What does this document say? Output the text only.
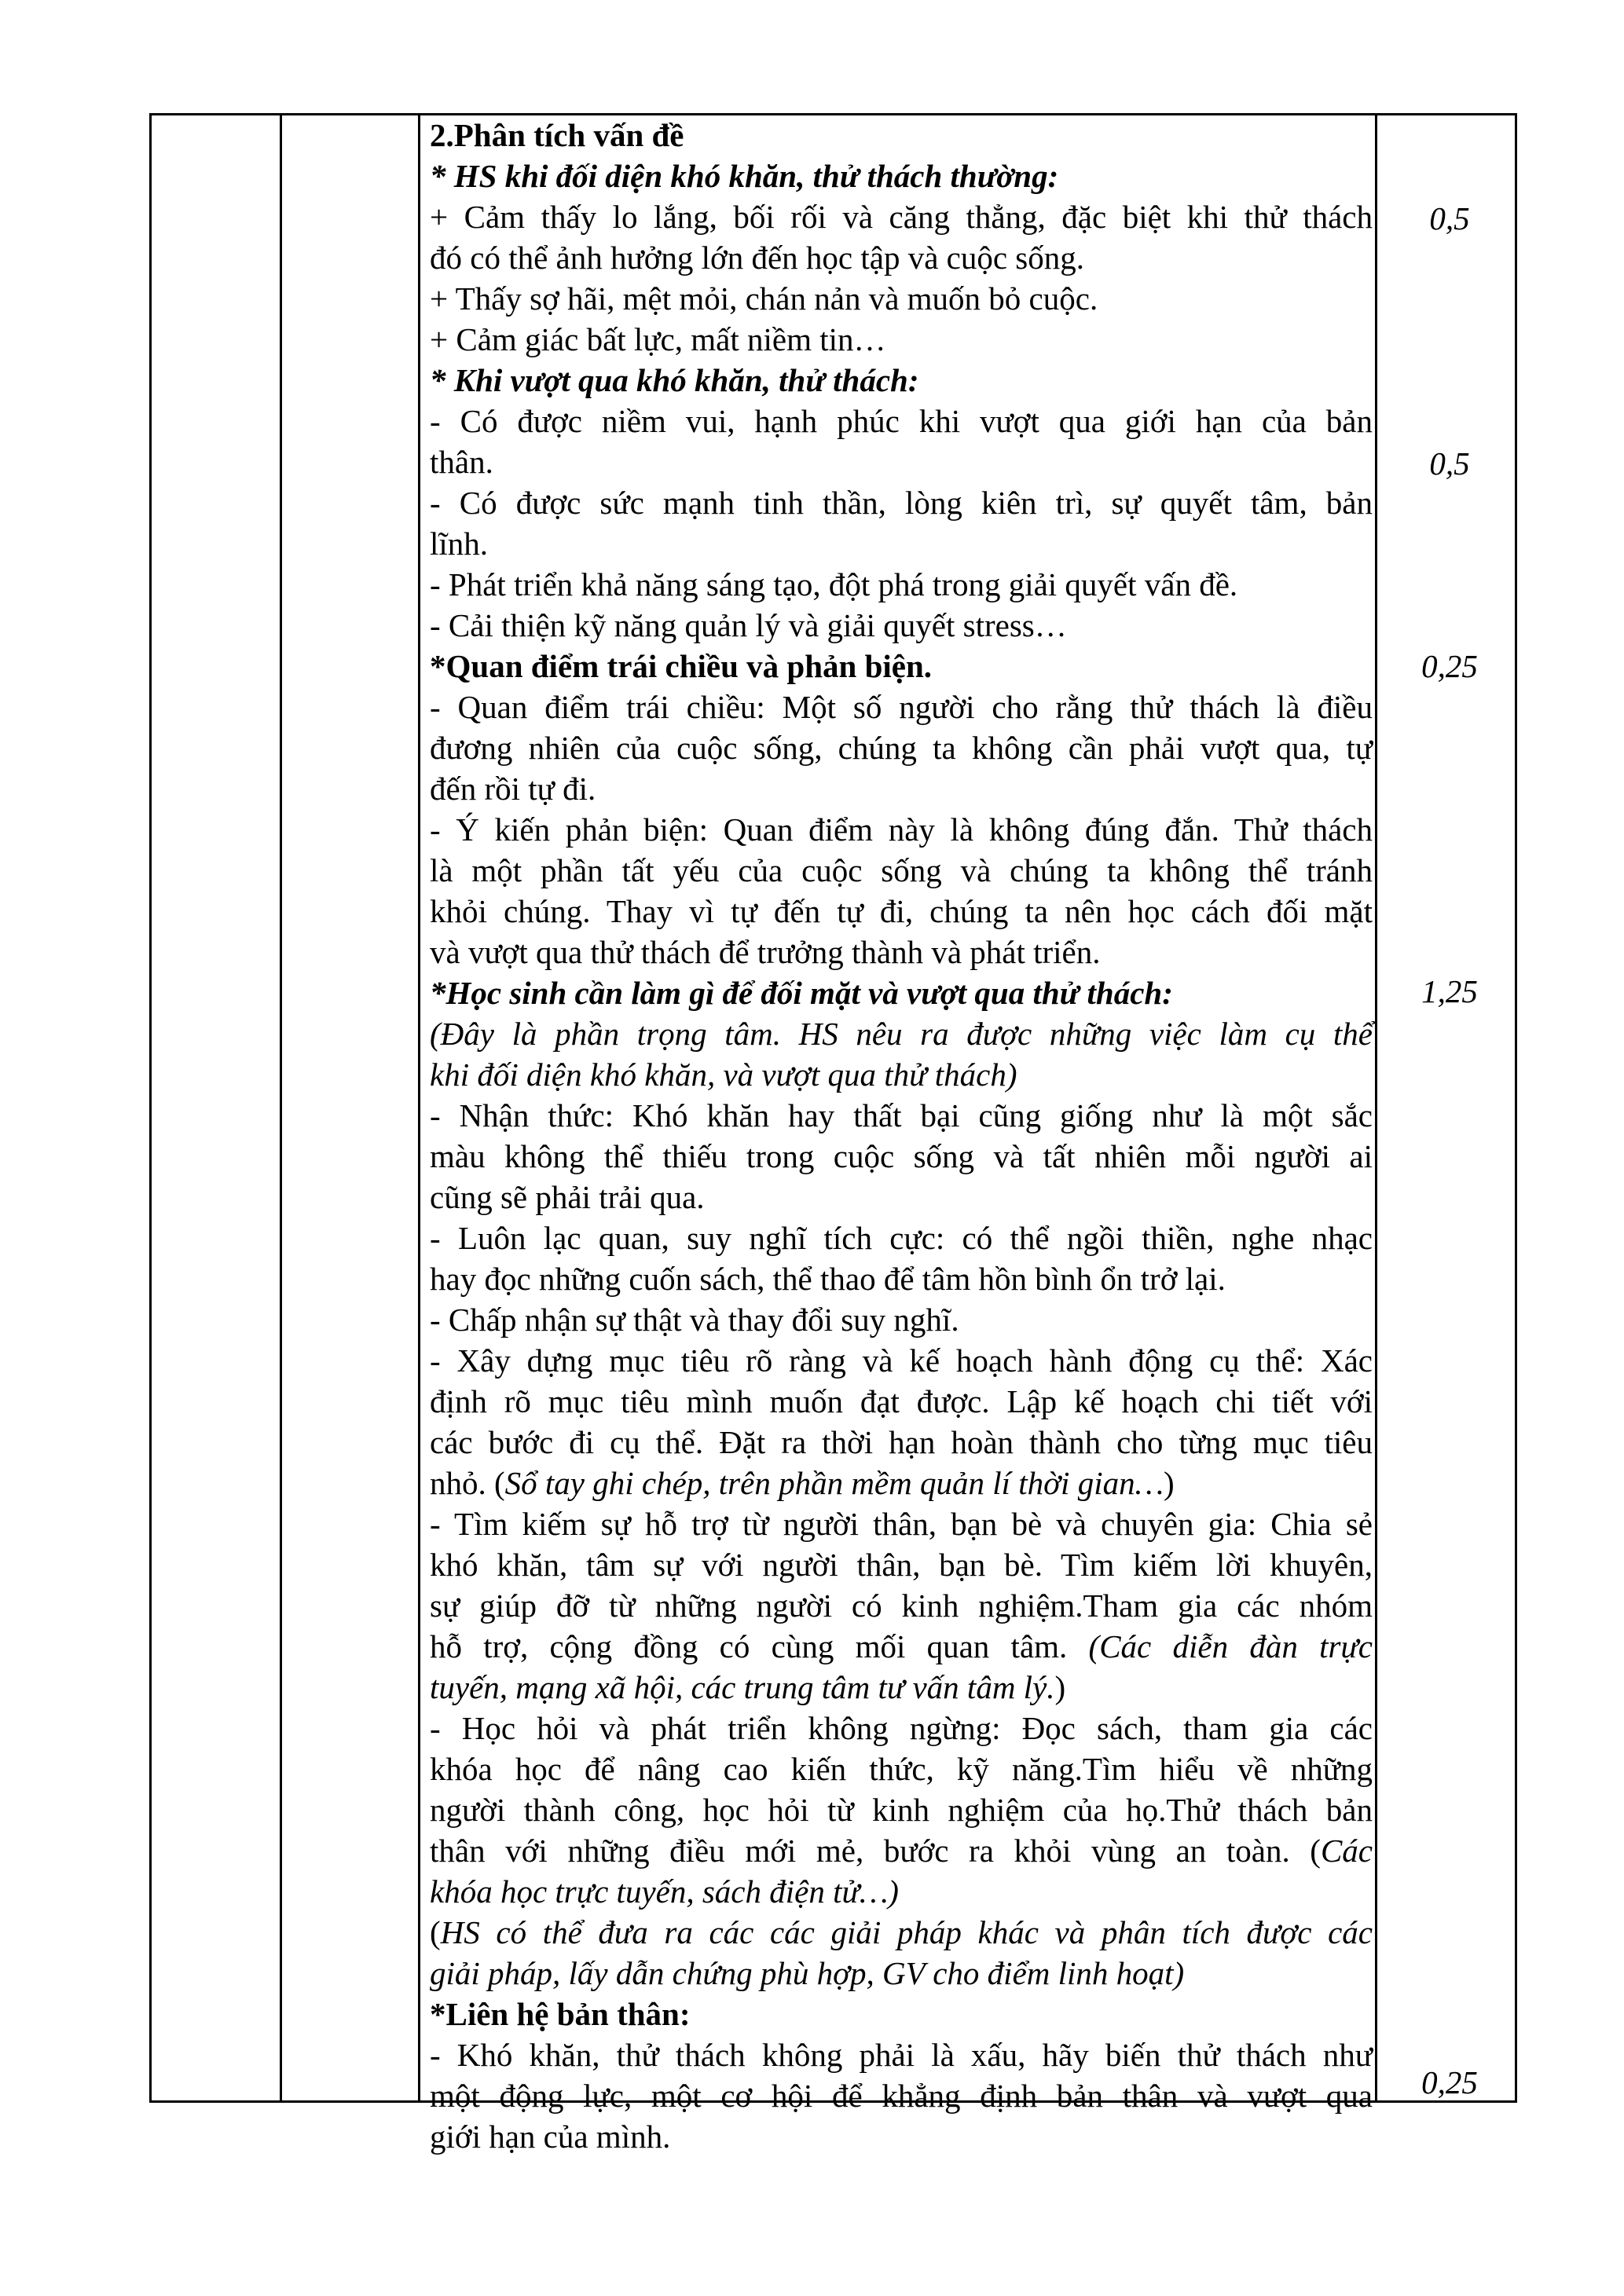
2.Phân tích vấn đề
* HS khi đối diện khó khăn, thử thách thường:
+ Cảm thấy lo lắng, bối rối và căng thẳng, đặc biệt khi thử thách
đó có thể ảnh hưởng lớn đến học tập và cuộc sống.
+ Thấy sợ hãi, mệt mỏi, chán nản và muốn bỏ cuộc.
+ Cảm giác bất lực, mất niềm tin…
* Khi vượt qua khó khăn, thử thách:
- Có được niềm vui, hạnh phúc khi vượt qua giới hạn của bản
thân.
- Có được sức mạnh tinh thần, lòng kiên trì, sự quyết tâm, bản
lĩnh.
- Phát triển khả năng sáng tạo, đột phá trong giải quyết vấn đề.
- Cải thiện kỹ năng quản lý và giải quyết stress…
*Quan điểm trái chiều và phản biện.
- Quan điểm trái chiều: Một số người cho rằng thử thách là điều
đương nhiên của cuộc sống, chúng ta không cần phải vượt qua, tự
đến rồi tự đi.
- Ý kiến phản biện: Quan điểm này là không đúng đắn. Thử thách
là một phần tất yếu của cuộc sống và chúng ta không thể tránh
khỏi chúng. Thay vì tự đến tự đi, chúng ta nên học cách đối mặt
và vượt qua thử thách để trưởng thành và phát triển.
*Học sinh cần làm gì để đối mặt và vượt qua thử thách:
(Đây là phần trọng tâm. HS nêu ra được những việc làm cụ thể
khi đối diện khó khăn, và vượt qua thử thách)
- Nhận thức: Khó khăn hay thất bại cũng giống như là một sắc
màu không thể thiếu trong cuộc sống và tất nhiên mỗi người ai
cũng sẽ phải trải qua.
- Luôn lạc quan, suy nghĩ tích cực: có thể ngồi thiền, nghe nhạc
hay đọc những cuốn sách, thể thao để tâm hồn bình ổn trở lại.
- Chấp nhận sự thật và thay đổi suy nghĩ.
- Xây dựng mục tiêu rõ ràng và kế hoạch hành động cụ thể: Xác
định rõ mục tiêu mình muốn đạt được. Lập kế hoạch chi tiết với
các bước đi cụ thể. Đặt ra thời hạn hoàn thành cho từng mục tiêu
nhỏ. (Sổ tay ghi chép, trên phần mềm quản lí thời gian…)
- Tìm kiếm sự hỗ trợ từ người thân, bạn bè và chuyên gia: Chia sẻ
khó khăn, tâm sự với người thân, bạn bè. Tìm kiếm lời khuyên,
sự giúp đỡ từ những người có kinh nghiệm.Tham gia các nhóm
hỗ trợ, cộng đồng có cùng mối quan tâm. (Các diễn đàn trực
tuyến, mạng xã hội, các trung tâm tư vấn tâm lý.)
- Học hỏi và phát triển không ngừng: Đọc sách, tham gia các
khóa học để nâng cao kiến thức, kỹ năng.Tìm hiểu về những
người thành công, học hỏi từ kinh nghiệm của họ.Thử thách bản
thân với những điều mới mẻ, bước ra khỏi vùng an toàn. (Các
khóa học trực tuyến, sách điện tử…)
(HS có thể đưa ra các các giải pháp khác và phân tích được các
giải pháp, lấy dẫn chứng phù hợp, GV cho điểm linh hoạt)
*Liên hệ bản thân:
- Khó khăn, thử thách không phải là xấu, hãy biến thử thách như
một động lực, một cơ hội để khẳng định bản thân và vượt qua
giới hạn của mình.
0,5
0,5
0,25
1,25
0,25
